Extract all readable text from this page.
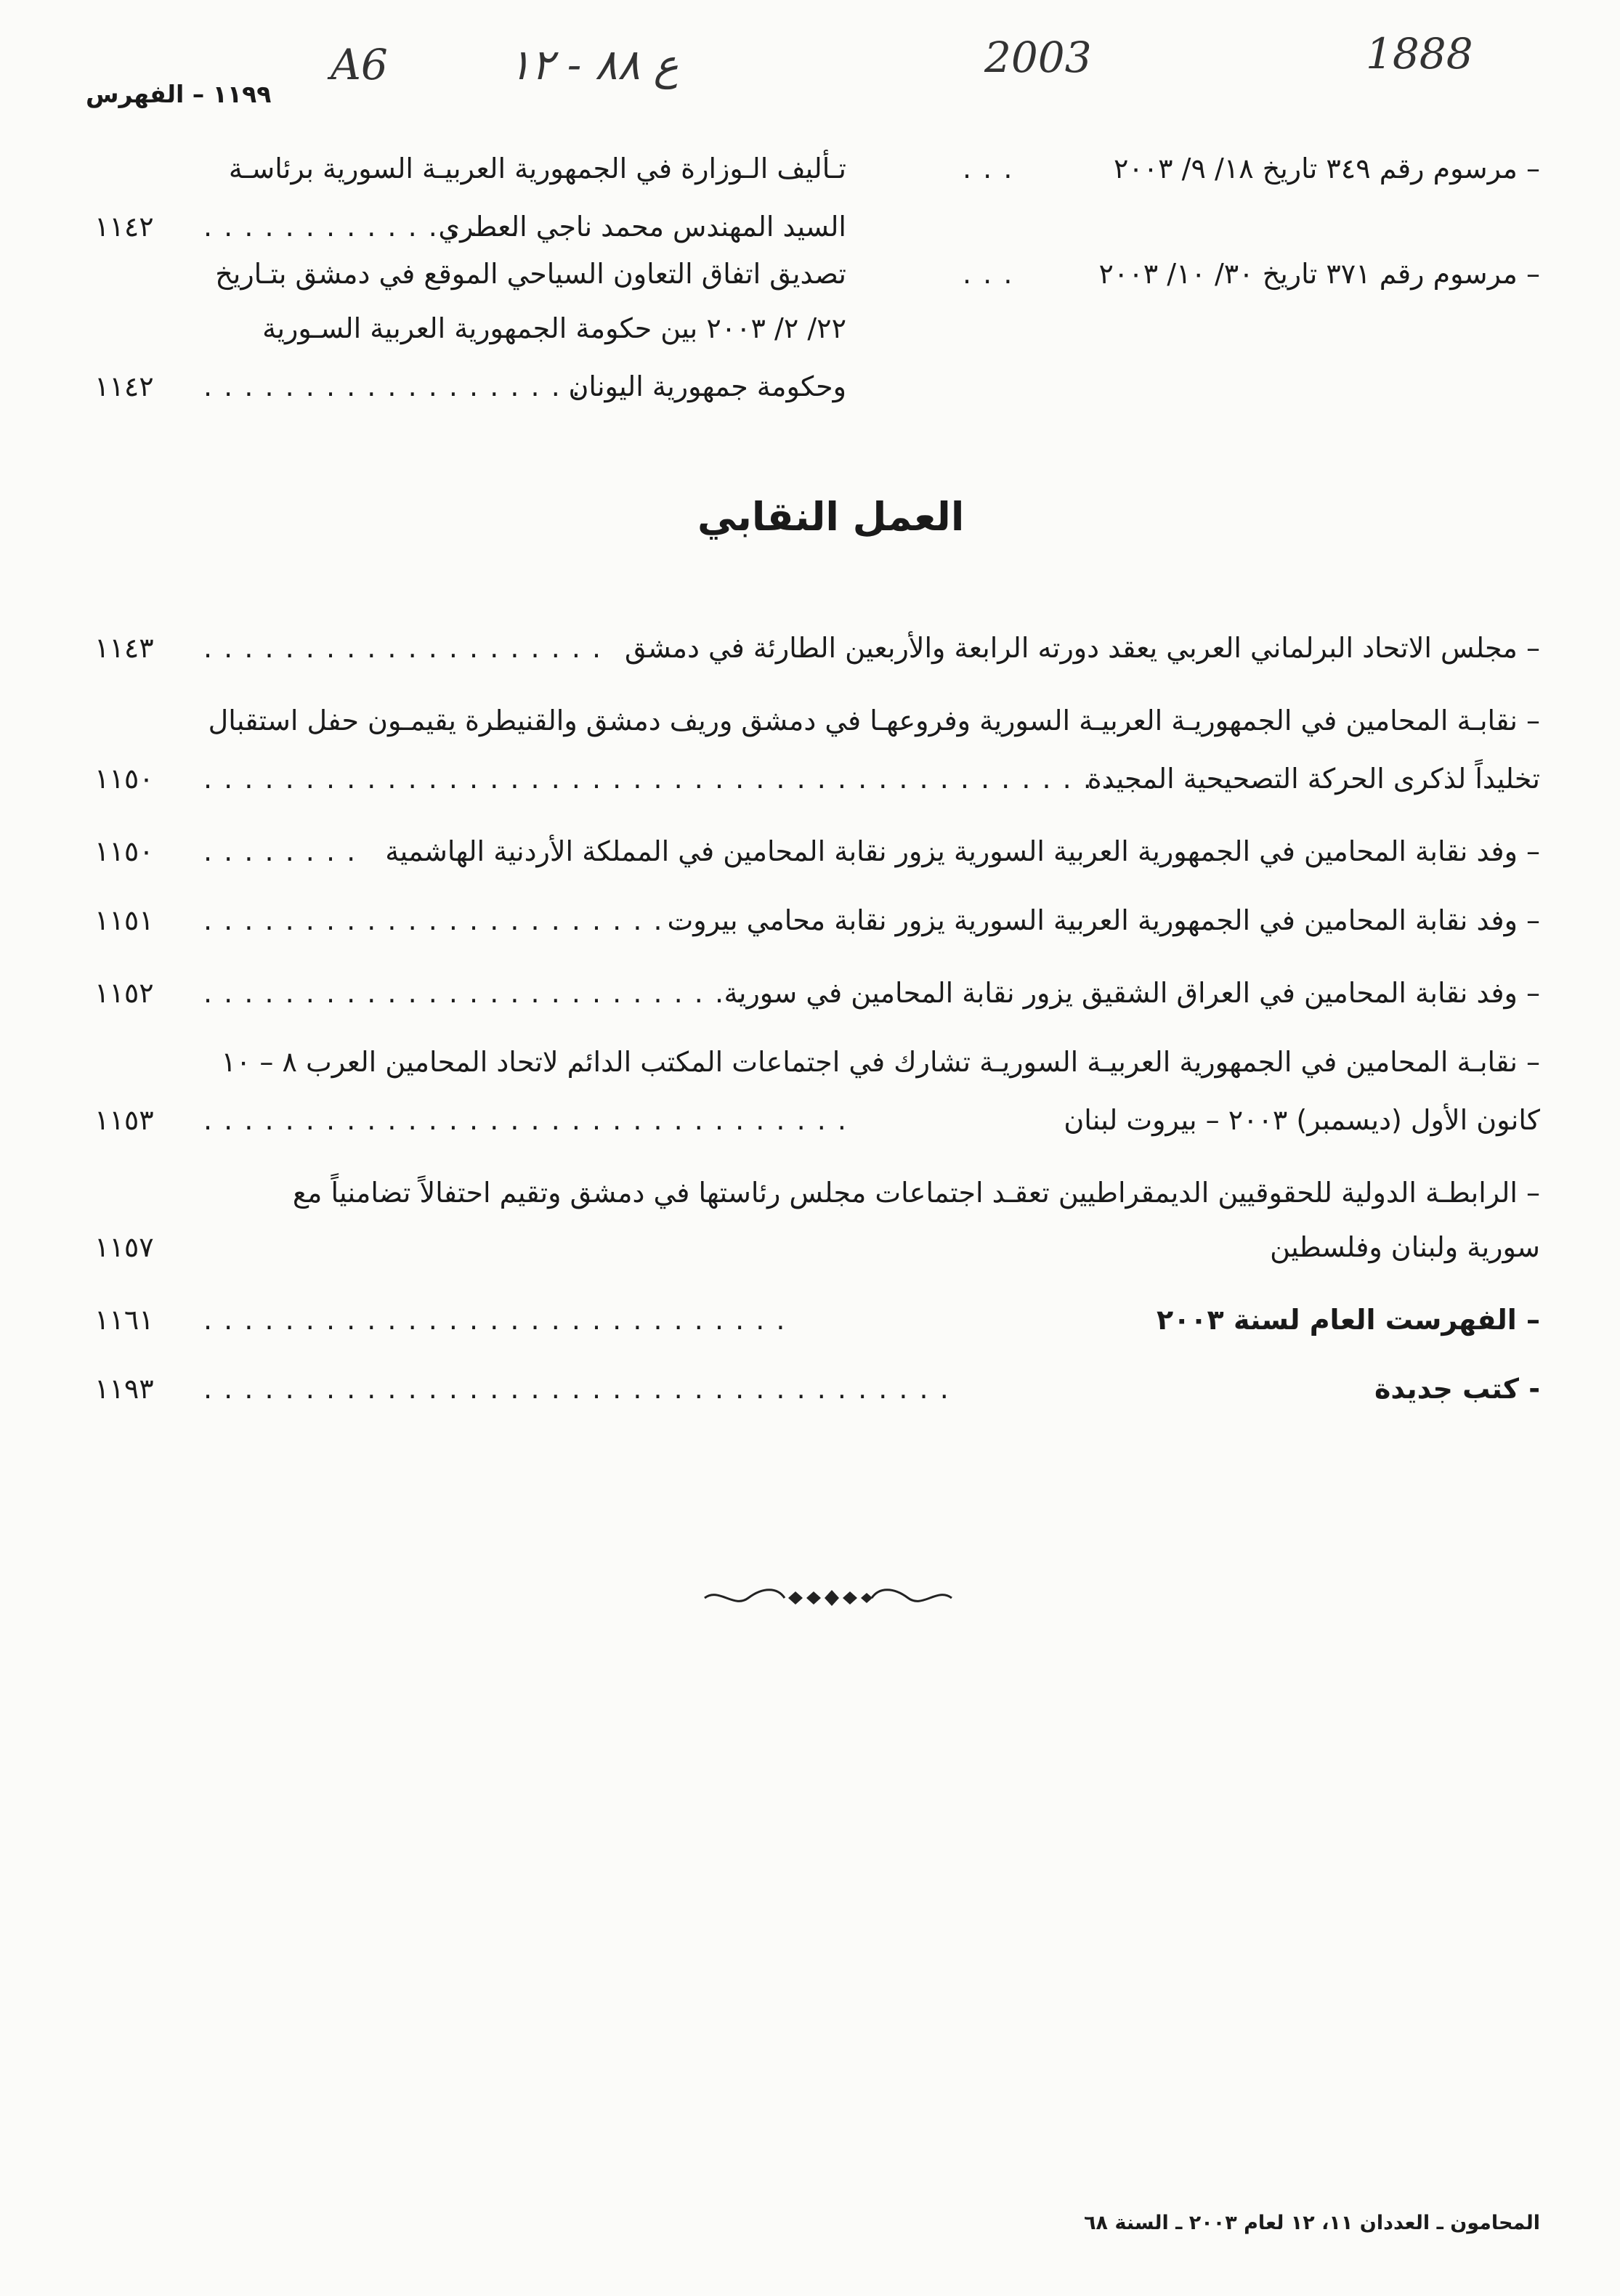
A6	ع ٨٨ - ١٢	2003	1888
١١٩٩ – الفهرس
– مرسوم رقم ٣٤٩ تاريخ ١٨/ ٩/ ٢٠٠٣
. . .
تـأليف الـوزارة في الجمهورية العربيـة السورية برئاسـة
السيد المهندس محمد ناجي العطري
. . . . . . . . . . . . . . . .
١١٤٢
– مرسوم رقم ٣٧١ تاريخ ٣٠/ ١٠/ ٢٠٠٣
. . .
تصديق اتفاق التعاون السياحي الموقع في دمشق بتـاريخ
٢٢/ ٢/ ٢٠٠٣ بين حكومة الجمهورية العربية السـورية
وحكومة جمهورية اليونان
. . . . . . . . . . . . . . . . . . .
١١٤٢
العمل النقابي
– مجلس الاتحاد البرلماني العربي يعقد دورته الرابعة والأربعين الطارئة في دمشق
. . . . . . . . . . . . . . . . . . . .
١١٤٣
– نقابـة المحامين في الجمهوريـة العربيـة السورية وفروعهـا في دمشق وريف دمشق والقنيطرة يقيمـون حفل استقبال
تخليداً لذكرى الحركة التصحيحية المجيدة
. . . . . . . . . . . . . . . . . . . . . . . . . . . . . . . . . . . . . . . . . . . . .
١١٥٠
– وفد نقابة المحامين في الجمهورية العربية السورية يزور نقابة المحامين في المملكة الأردنية الهاشمية
. . . . . . . .
١١٥٠
– وفد نقابة المحامين في الجمهورية العربية السورية يزور نقابة محامي بيروت
. . . . . . . . . . . . . . . . . . . . . . . .
١١٥١
– وفد نقابة المحامين في العراق الشقيق يزور نقابة المحامين في سورية
. . . . . . . . . . . . . . . . . . . . . . . . . . .
١١٥٢
– نقابـة المحامين في الجمهورية العربيـة السوريـة تشارك في اجتماعات المكتب الدائم لاتحاد المحامين العرب ٨ – ١٠
كانون الأول (ديسمبر) ٢٠٠٣ – بيروت لبنان
. . . . . . . . . . . . . . . . . . . . . . . . . . . . . . . .
١١٥٣
– الرابطـة الدولية للحقوقيين الديمقراطيين تعقـد اجتماعات مجلس رئاستها في دمشق وتقيم احتفالاً تضامنياً مع
سورية ولبنان وفلسطين
١١٥٧
– الفهرست العام لسنة ٢٠٠٣
. . . . . . . . . . . . . . . . . . . . . . . . . . . . .
١١٦١
- كتب جديدة
. . . . . . . . . . . . . . . . . . . . . . . . . . . . . . . . . . . . .
١١٩٣
المحامون ـ العددان ١١، ١٢ لعام ٢٠٠٣ ـ السنة ٦٨
